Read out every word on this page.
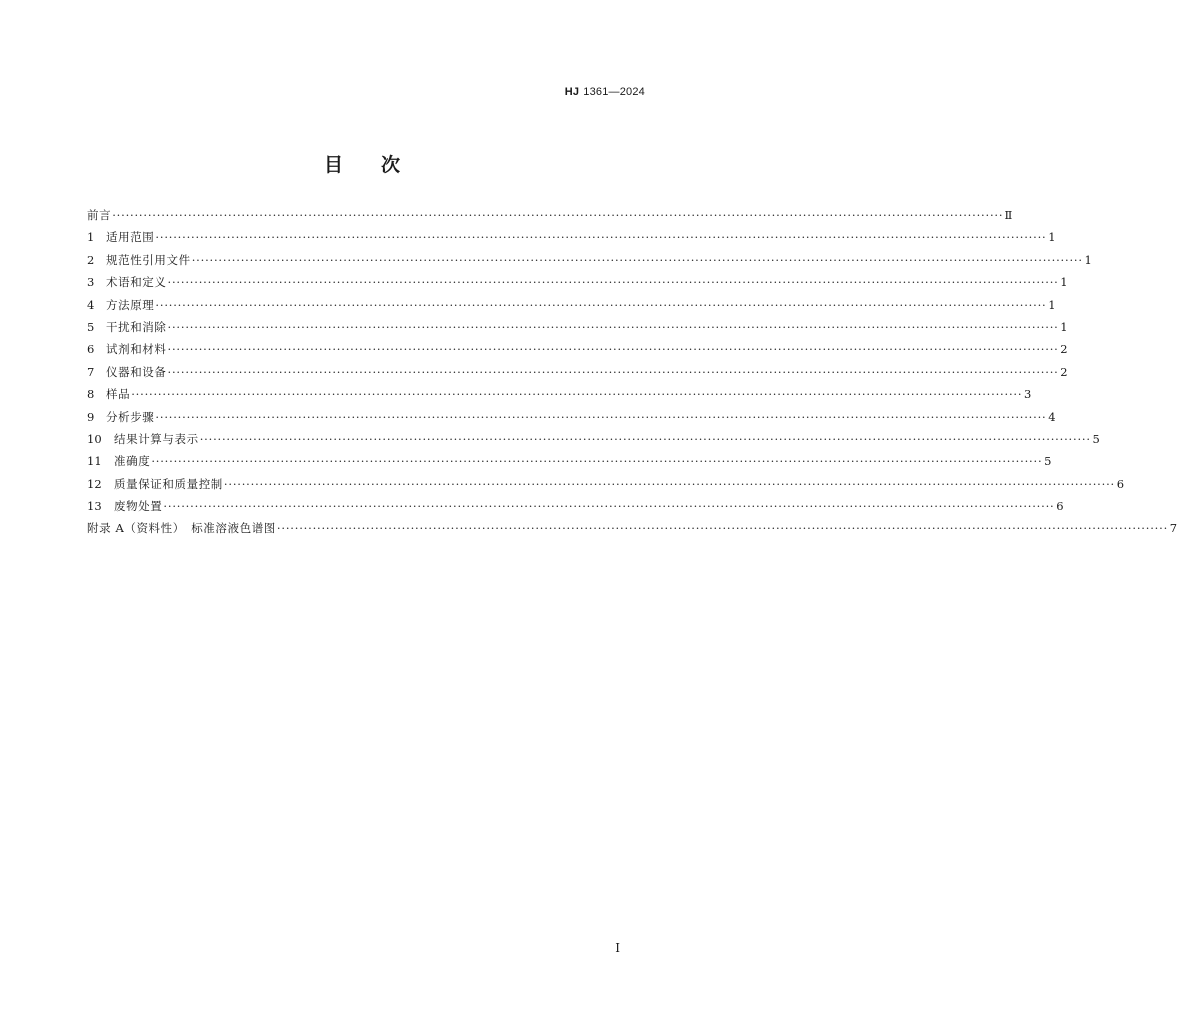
HJ 1361—2024
目次
前言 ········································································································································································································ Ⅱ
1	适用范围 ········································································································································································································ 1
2	规范性引用文件 ········································································································································································································ 1
3	术语和定义 ········································································································································································································ 1
4	方法原理 ········································································································································································································ 1
5	干扰和消除 ········································································································································································································ 1
6	试剂和材料 ········································································································································································································ 2
7	仪器和设备 ········································································································································································································ 2
8	样品 ········································································································································································································ 3
9	分析步骤 ········································································································································································································ 4
10	结果计算与表示 ········································································································································································································ 5
11	准确度 ········································································································································································································ 5
12	质量保证和质量控制 ········································································································································································································ 6
13	废物处置 ········································································································································································································ 6
附录 A（资料性）　标准溶液色谱图 ········································································································································································································ 7
I
